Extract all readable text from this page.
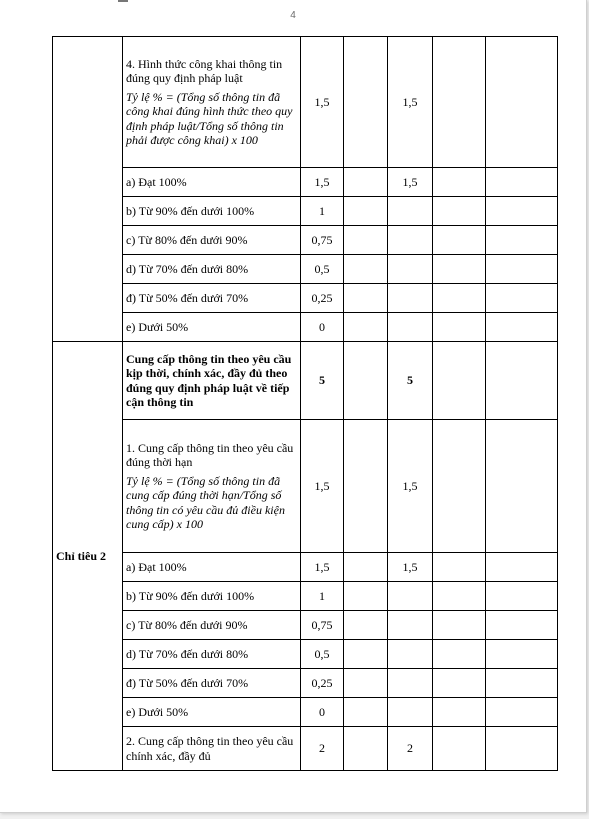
4

	4. Hình thức công khai thông tin đúng quy định pháp luật
Tỷ lệ % = (Tổng số thông tin đã công khai đúng hình thức theo quy định pháp luật/Tổng số thông tin phải được công khai) x 100	1,5		1,5		
	a) Đạt 100%	1,5		1,5		
	b) Từ 90% đến dưới 100%	1				
	c) Từ 80% đến dưới 90%	0,75				
	d) Từ 70% đến dưới 80%	0,5				
	đ) Từ 50% đến dưới 70%	0,25				
	e) Dưới 50%	0				
Chỉ tiêu 2	Cung cấp thông tin theo yêu cầu kịp thời, chính xác, đầy đủ theo đúng quy định pháp luật về tiếp cận thông tin	5		5		

	1. Cung cấp thông tin theo yêu cầu đúng thời hạn
Tỷ lệ % = (Tổng số thông tin đã cung cấp đúng thời hạn/Tổng số thông tin có yêu cầu đủ điều kiện cung cấp) x 100	1,5		1,5		
	a) Đạt 100%	1,5		1,5		
	b) Từ 90% đến dưới 100%	1				
	c) Từ 80% đến dưới 90%	0,75				
	d) Từ 70% đến dưới 80%	0,5				
	đ) Từ 50% đến dưới 70%	0,25				
	e) Dưới 50%	0				
	2. Cung cấp thông tin theo yêu cầu chính xác, đầy đủ	2		2		
